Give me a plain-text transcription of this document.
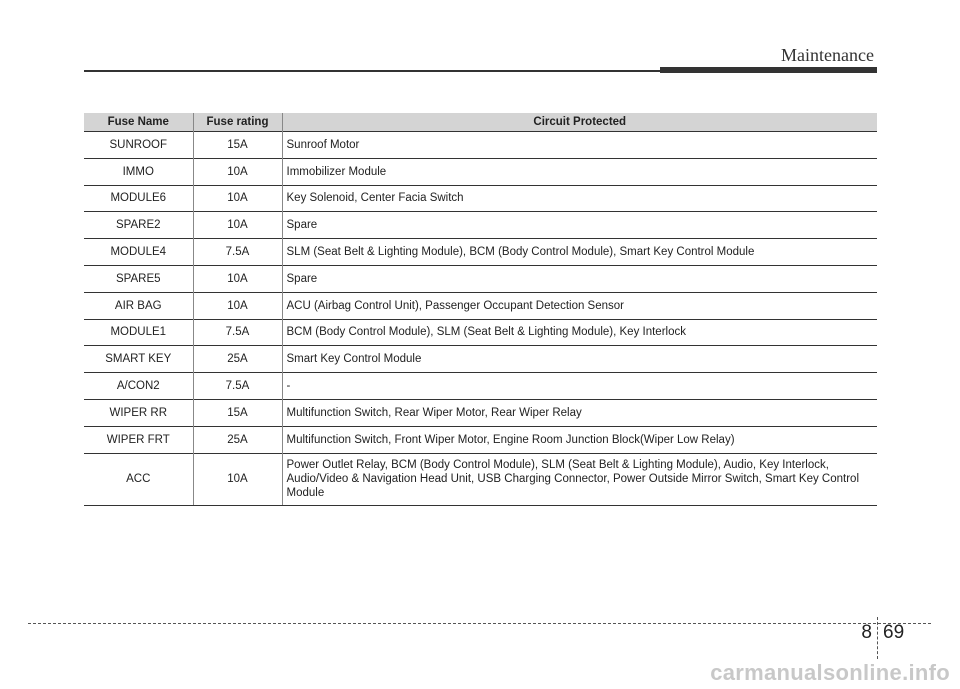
Maintenance
Fuse Name	Fuse rating	Circuit Protected
SUNROOF	15A	Sunroof Motor
IMMO	10A	Immobilizer Module
MODULE6	10A	Key Solenoid, Center Facia Switch
SPARE2	10A	Spare
MODULE4	7.5A	SLM (Seat Belt & Lighting Module), BCM (Body Control Module), Smart Key Control Module
SPARE5	10A	Spare
AIR BAG	10A	ACU (Airbag Control Unit), Passenger Occupant Detection Sensor
MODULE1	7.5A	BCM (Body Control Module), SLM (Seat Belt & Lighting Module), Key Interlock
SMART KEY	25A	Smart Key Control Module
A/CON2	7.5A	-
WIPER RR	15A	Multifunction Switch, Rear Wiper Motor, Rear Wiper Relay
WIPER FRT	25A	Multifunction Switch, Front Wiper Motor, Engine Room Junction Block(Wiper Low Relay)
ACC	10A	Power Outlet Relay, BCM (Body Control Module), SLM (Seat Belt & Lighting Module), Audio, Key Interlock, Audio/Video & Navigation Head Unit, USB Charging Connector, Power Outside Mirror Switch, Smart Key Control Module
8 69
carmanualsonline.info
